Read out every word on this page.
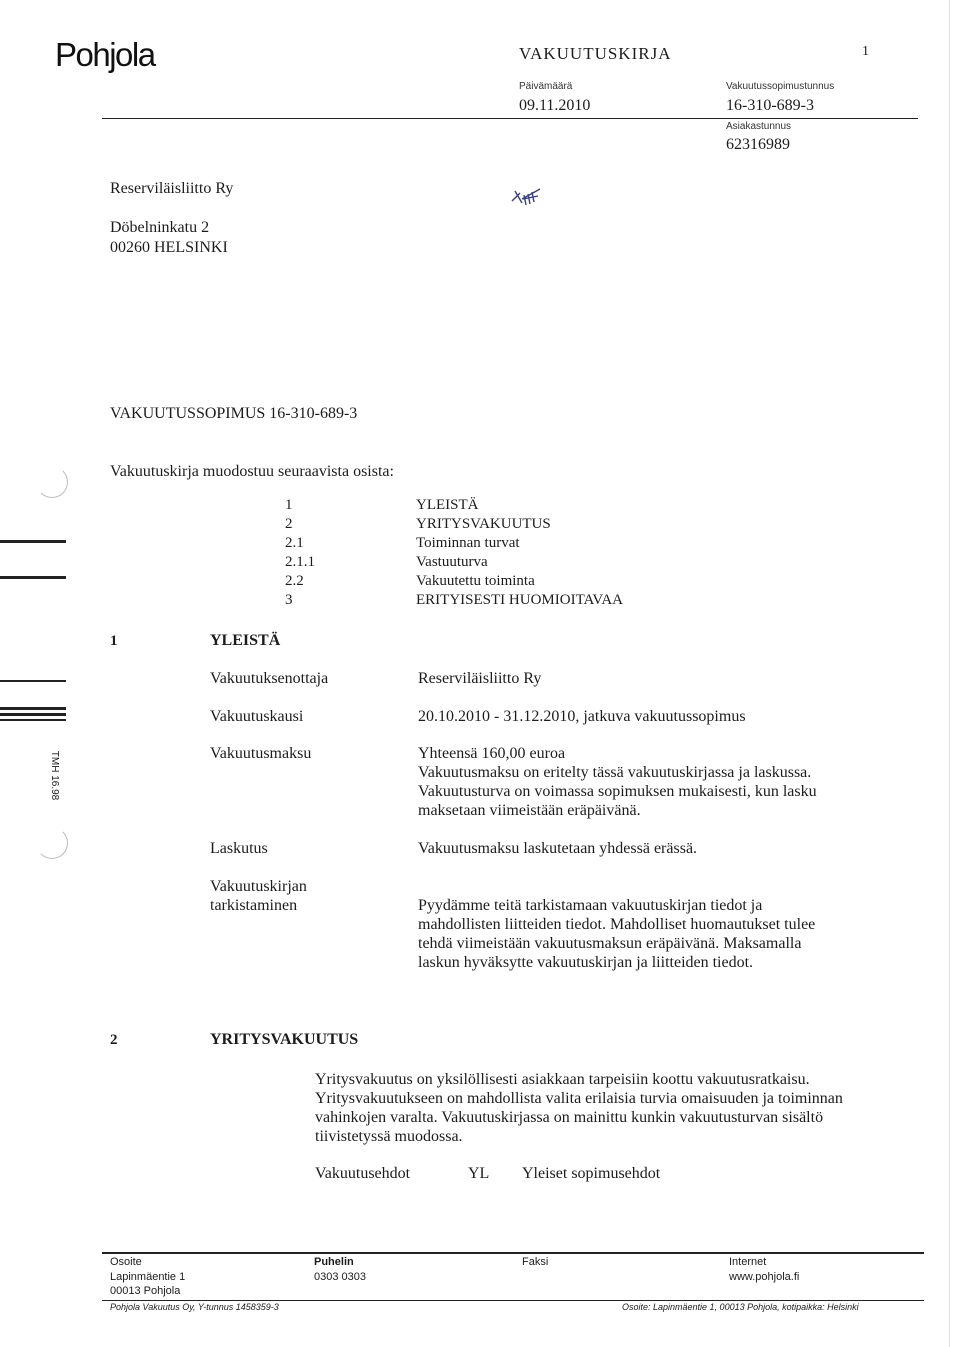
Pohjola	VAKUUTUSKIRJA	1
Päivämäärä
09.11.2010
Vakuutussopimustunnus
16-310-689-3
Asiakastunnus
62316989
Reserviläisliitto Ry
Döbelninkatu 2
00260 HELSINKI
VAKUUTUSSOPIMUS 16-310-689-3
Vakuutuskirja muodostuu seuraavista osista:
1	YLEISTÄ
2	YRITYSVAKUUTUS
2.1	Toiminnan turvat
2.1.1	Vastuuturva
2.2	Vakuutettu toiminta
3	ERITYISESTI HUOMIOITAVAA
1	YLEISTÄ
Vakuutuksenottaja	Reserviläisliitto Ry
Vakuutuskausi	20.10.2010 - 31.12.2010, jatkuva vakuutussopimus
Vakuutusmaksu	Yhteensä 160,00 euroa
Vakuutusmaksu on eritelty tässä vakuutuskirjassa ja laskussa.
Vakuutusturva on voimassa sopimuksen mukaisesti, kun lasku
maksetaan viimeistään eräpäivänä.
Laskutus	Vakuutusmaksu laskutetaan yhdessä erässä.
Vakuutuskirjan
tarkistaminen	Pyydämme teitä tarkistamaan vakuutuskirjan tiedot ja
mahdollisten liitteiden tiedot. Mahdolliset huomautukset tulee
tehdä viimeistään vakuutusmaksun eräpäivänä. Maksamalla
laskun hyväksytte vakuutuskirjan ja liitteiden tiedot.
2	YRITYSVAKUUTUS
Yritysvakuutus on yksilöllisesti asiakkaan tarpeisiin koottu vakuutusratkaisu.
Yritysvakuutukseen on mahdollista valita erilaisia turvia omaisuuden ja toiminnan
vahinkojen varalta. Vakuutuskirjassa on mainittu kunkin vakuutusturvan sisältö
tiivistetyssä muodossa.
Vakuutusehdot	YL Yleiset sopimusehdot
TMH 16.98
Osoite
Lapinmäentie 1
00013 Pohjola
Puhelin
0303 0303
Faksi	Internet
www.pohjola.fi
Pohjola Vakuutus Oy, Y-tunnus 1458359-3	Osoite: Lapinmäentie 1, 00013 Pohjola, kotipaikka: Helsinki
